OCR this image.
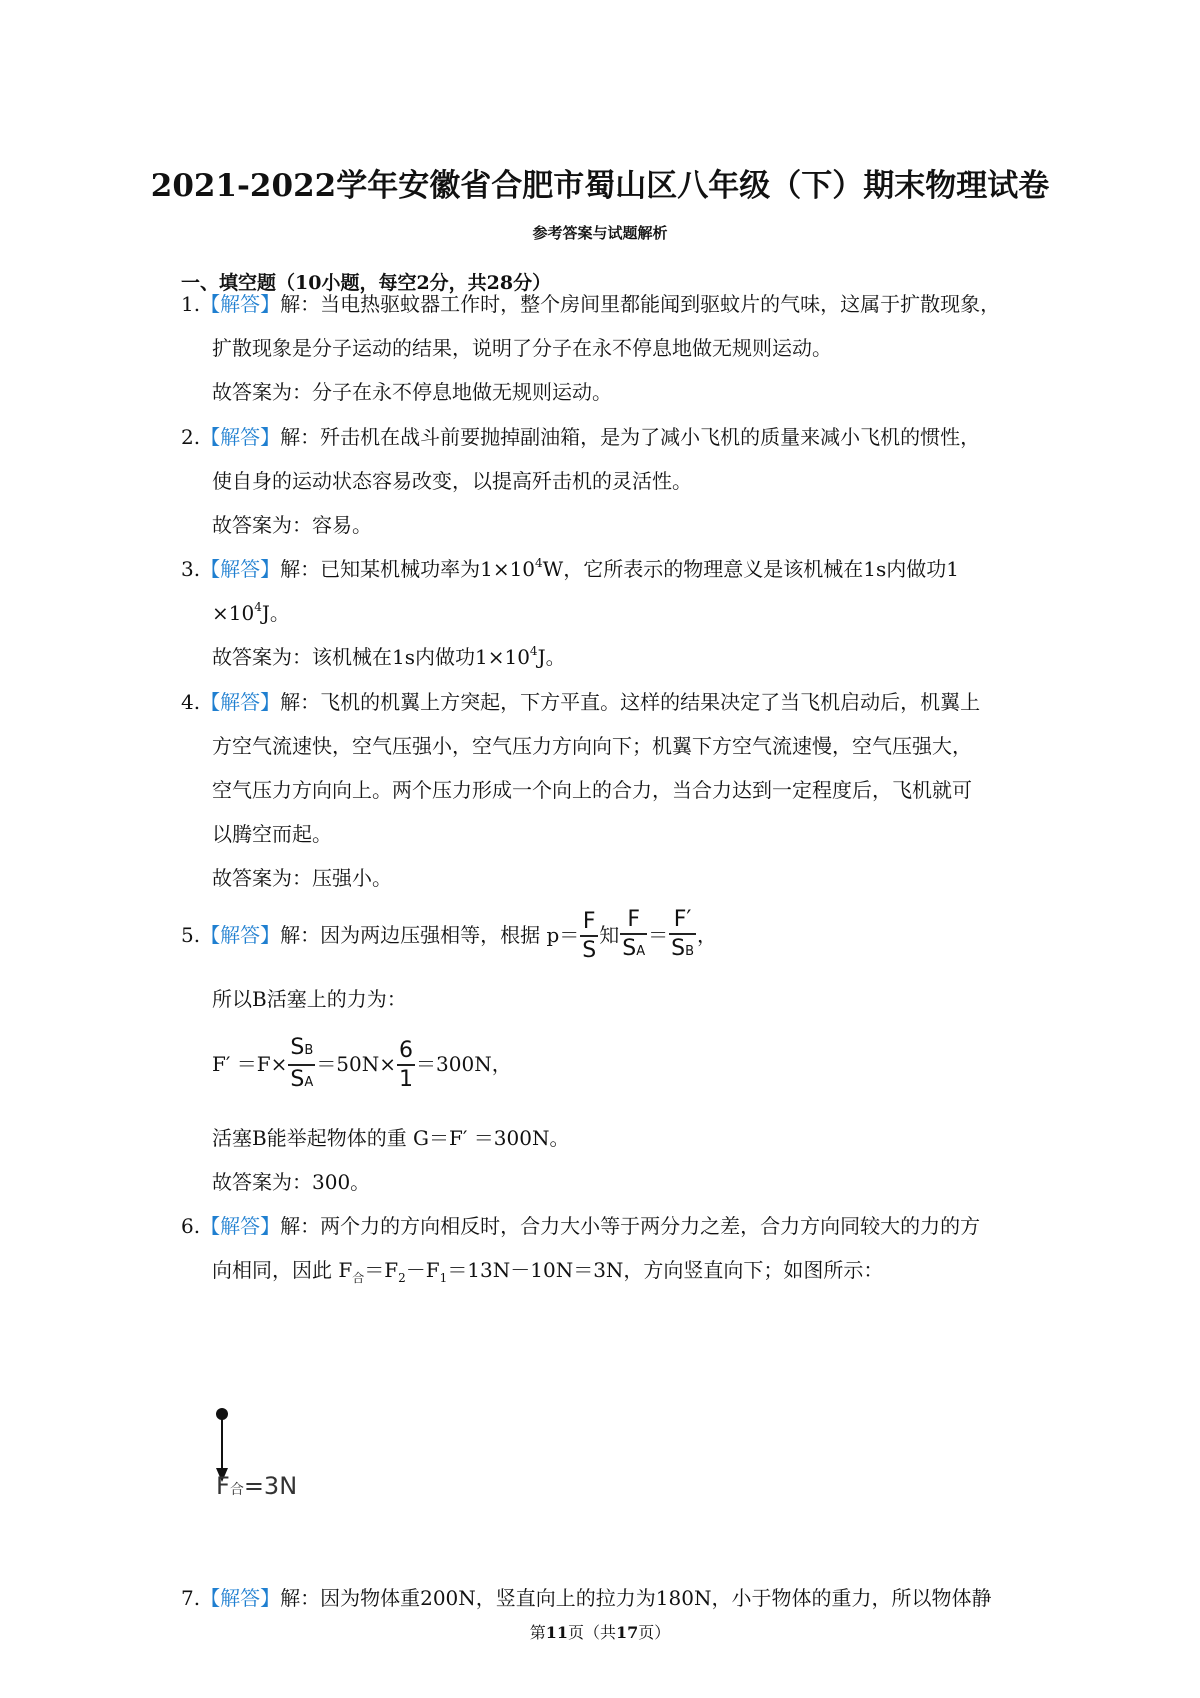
2021-2022学年安徽省合肥市蜀山区八年级（下）期末物理试卷
参考答案与试题解析
一、填空题（10小题，每空2分，共28分）
1.【解答】解：当电热驱蚊器工作时，整个房间里都能闻到驱蚊片的气味，这属于扩散现象，
扩散现象是分子运动的结果，说明了分子在永不停息地做无规则运动。
故答案为：分子在永不停息地做无规则运动。
2.【解答】解：歼击机在战斗前要抛掉副油箱，是为了减小飞机的质量来减小飞机的惯性，
使自身的运动状态容易改变，以提高歼击机的灵活性。
故答案为：容易。
3.【解答】解：已知某机械功率为$1\times 10^4W$，它所表示的物理意义是该机械在1s内做功1
$\times 10^4J$。
故答案为：该机械在1s内做功$1\times 10^4J$。
4.【解答】解：飞机的机翼上方突起，下方平直。这样的结果决定了当飞机启动后，机翼上
方空气流速快，空气压强小，空气压力方向向下；机翼下方空气流速慢，空气压强大，
空气压力方向向上。两个压力形成一个向上的合力，当合力达到一定程度后，飞机就可
以腾空而起。
故答案为：压强小。
5.【解答】解：因为两边压强相等，根据 $p= \frac{F}{S}$ 知 $\frac{F}{SA} = \frac{F'}{SB}$ ，
所以B活塞上的力为：
$F' =F\times \frac{SB}{SA} =50N\times \frac{6}{1} =300N$，
活塞B能举起物体的重 G＝F′ ＝300N。
故答案为：300。
6.【解答】解：两个力的方向相反时，合力大小等于两分力之差，合力方向同较大的力的方
向相同，因此 $F_合=F_2-F_1=13N-10N=3N$，方向竖直向下；如图所示：
F合=3N
7.【解答】解：因为物体重200N，竖直向上的拉力为180N，小于物体的重力，所以物体静
第11页（共17页）
